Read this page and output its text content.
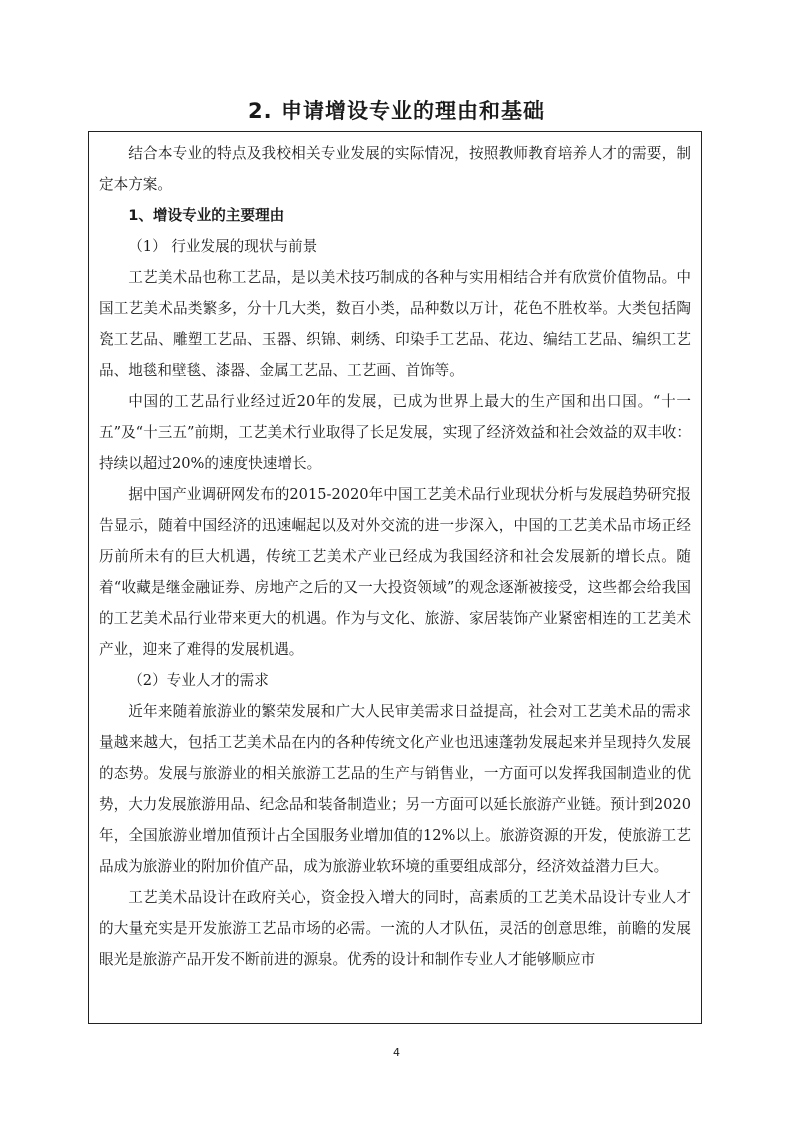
2. 申请增设专业的理由和基础

结合本专业的特点及我校相关专业发展的实际情况，按照教师教育培养人才的需要，制定本方案。

1、增设专业的主要理由

（1） 行业发展的现状与前景

工艺美术品也称工艺品，是以美术技巧制成的各种与实用相结合并有欣赏价值物品。中国工艺美术品类繁多，分十几大类，数百小类，品种数以万计，花色不胜枚举。大类包括陶瓷工艺品、雕塑工艺品、玉器、织锦、刺绣、印染手工艺品、花边、编结工艺品、编织工艺品、地毯和壁毯、漆器、金属工艺品、工艺画、首饰等。

中国的工艺品行业经过近20年的发展，已成为世界上最大的生产国和出口国。“十一五”及“十三五”前期，工艺美术行业取得了长足发展，实现了经济效益和社会效益的双丰收：持续以超过20%的速度快速增长。

据中国产业调研网发布的2015-2020年中国工艺美术品行业现状分析与发展趋势研究报告显示，随着中国经济的迅速崛起以及对外交流的进一步深入，中国的工艺美术品市场正经历前所未有的巨大机遇，传统工艺美术产业已经成为我国经济和社会发展新的增长点。随着“收藏是继金融证券、房地产之后的又一大投资领域”的观念逐渐被接受，这些都会给我国的工艺美术品行业带来更大的机遇。作为与文化、旅游、家居装饰产业紧密相连的工艺美术产业，迎来了难得的发展机遇。

（2）专业人才的需求

近年来随着旅游业的繁荣发展和广大人民审美需求日益提高，社会对工艺美术品的需求量越来越大，包括工艺美术品在内的各种传统文化产业也迅速蓬勃发展起来并呈现持久发展的态势。发展与旅游业的相关旅游工艺品的生产与销售业，一方面可以发挥我国制造业的优势，大力发展旅游用品、纪念品和装备制造业；另一方面可以延长旅游产业链。预计到2020年，全国旅游业增加值预计占全国服务业增加值的12%以上。旅游资源的开发，使旅游工艺品成为旅游业的附加价值产品，成为旅游业软环境的重要组成部分，经济效益潜力巨大。

工艺美术品设计在政府关心，资金投入增大的同时，高素质的工艺美术品设计专业人才的大量充实是开发旅游工艺品市场的必需。一流的人才队伍，灵活的创意思维，前瞻的发展眼光是旅游产品开发不断前进的源泉。优秀的设计和制作专业人才能够顺应市

4
